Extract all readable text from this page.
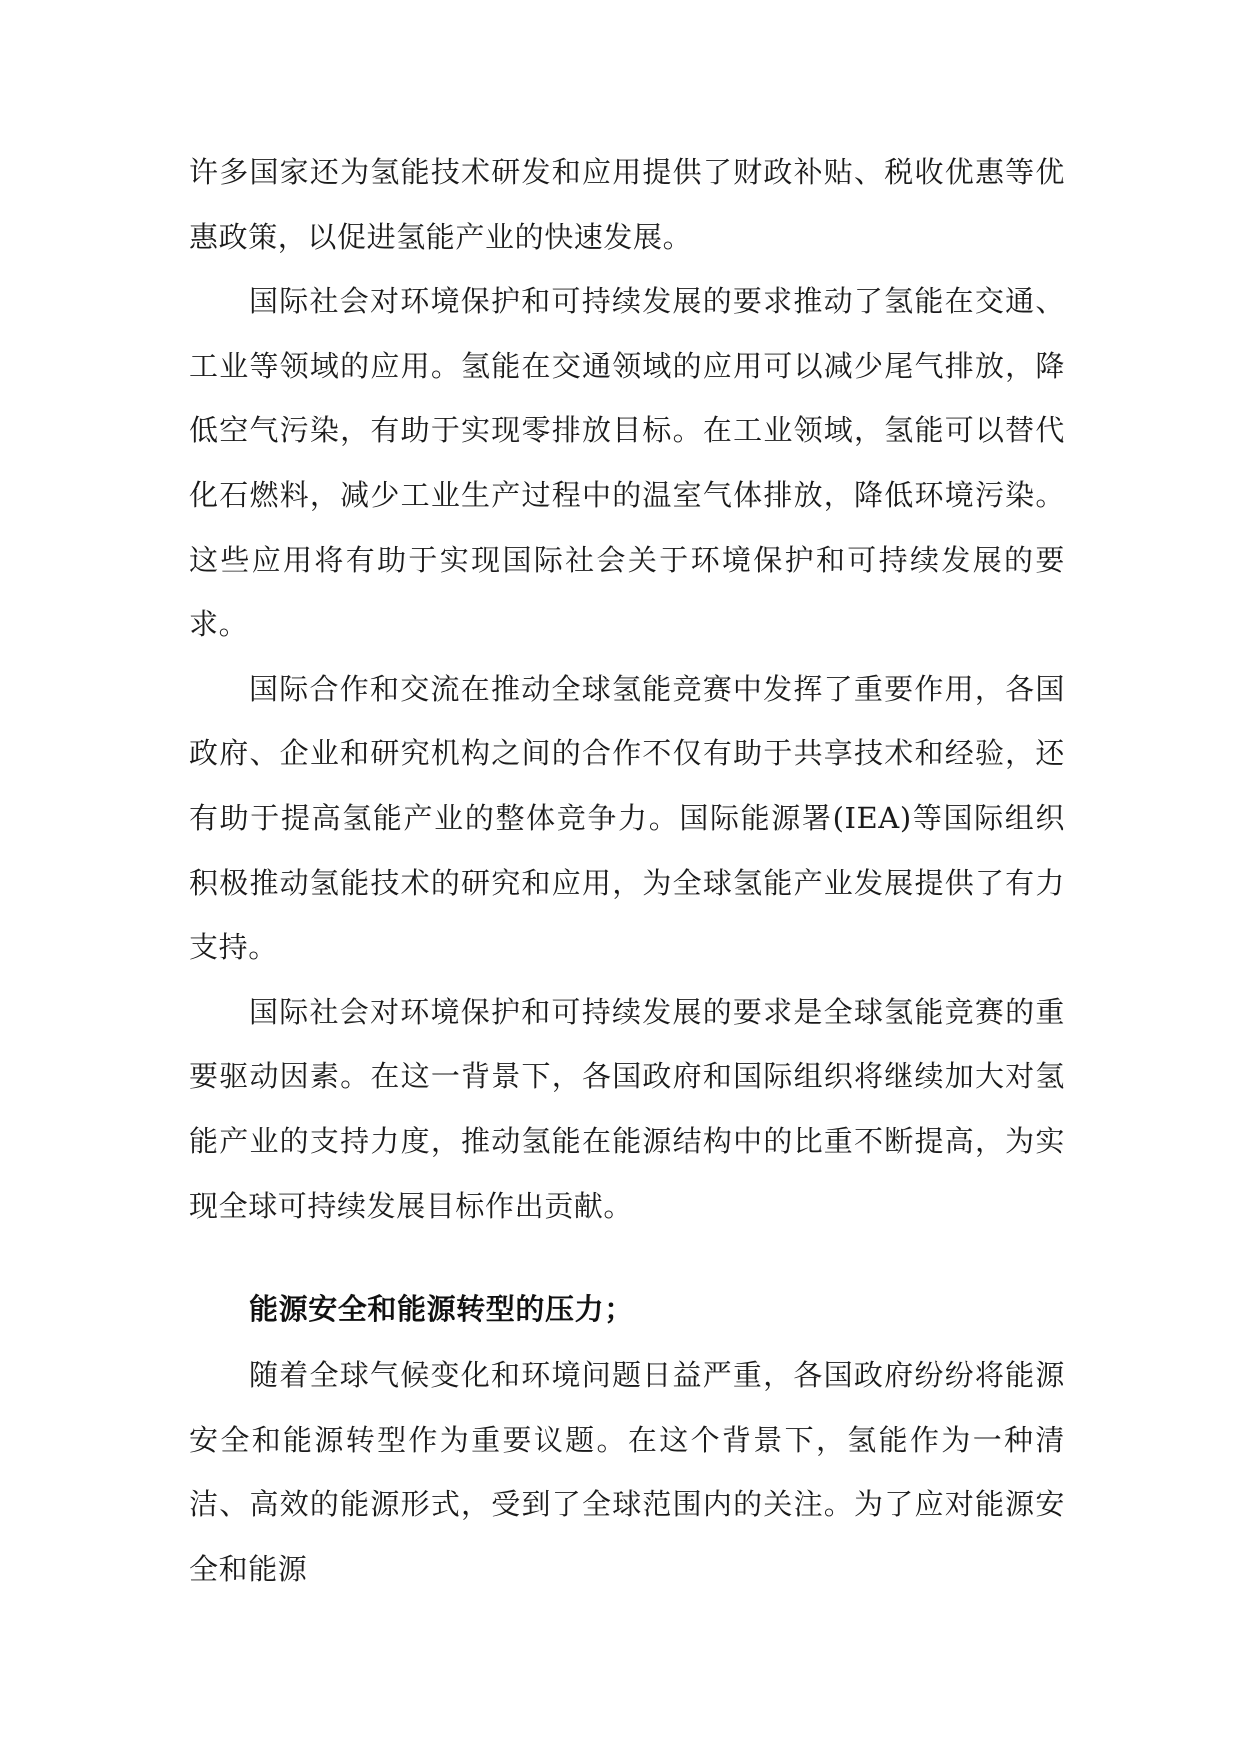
许多国家还为氢能技术研发和应用提供了财政补贴、税收优惠等优惠政策，以促进氢能产业的快速发展。

国际社会对环境保护和可持续发展的要求推动了氢能在交通、工业等领域的应用。氢能在交通领域的应用可以减少尾气排放，降低空气污染，有助于实现零排放目标。在工业领域，氢能可以替代化石燃料，减少工业生产过程中的温室气体排放，降低环境污染。这些应用将有助于实现国际社会关于环境保护和可持续发展的要求。

国际合作和交流在推动全球氢能竞赛中发挥了重要作用，各国政府、企业和研究机构之间的合作不仅有助于共享技术和经验，还有助于提高氢能产业的整体竞争力。国际能源署(IEA)等国际组织积极推动氢能技术的研究和应用，为全球氢能产业发展提供了有力支持。

国际社会对环境保护和可持续发展的要求是全球氢能竞赛的重要驱动因素。在这一背景下，各国政府和国际组织将继续加大对氢能产业的支持力度，推动氢能在能源结构中的比重不断提高，为实现全球可持续发展目标作出贡献。

能源安全和能源转型的压力；

随着全球气候变化和环境问题日益严重，各国政府纷纷将能源安全和能源转型作为重要议题。在这个背景下，氢能作为一种清洁、高效的能源形式，受到了全球范围内的关注。为了应对能源安全和能源
